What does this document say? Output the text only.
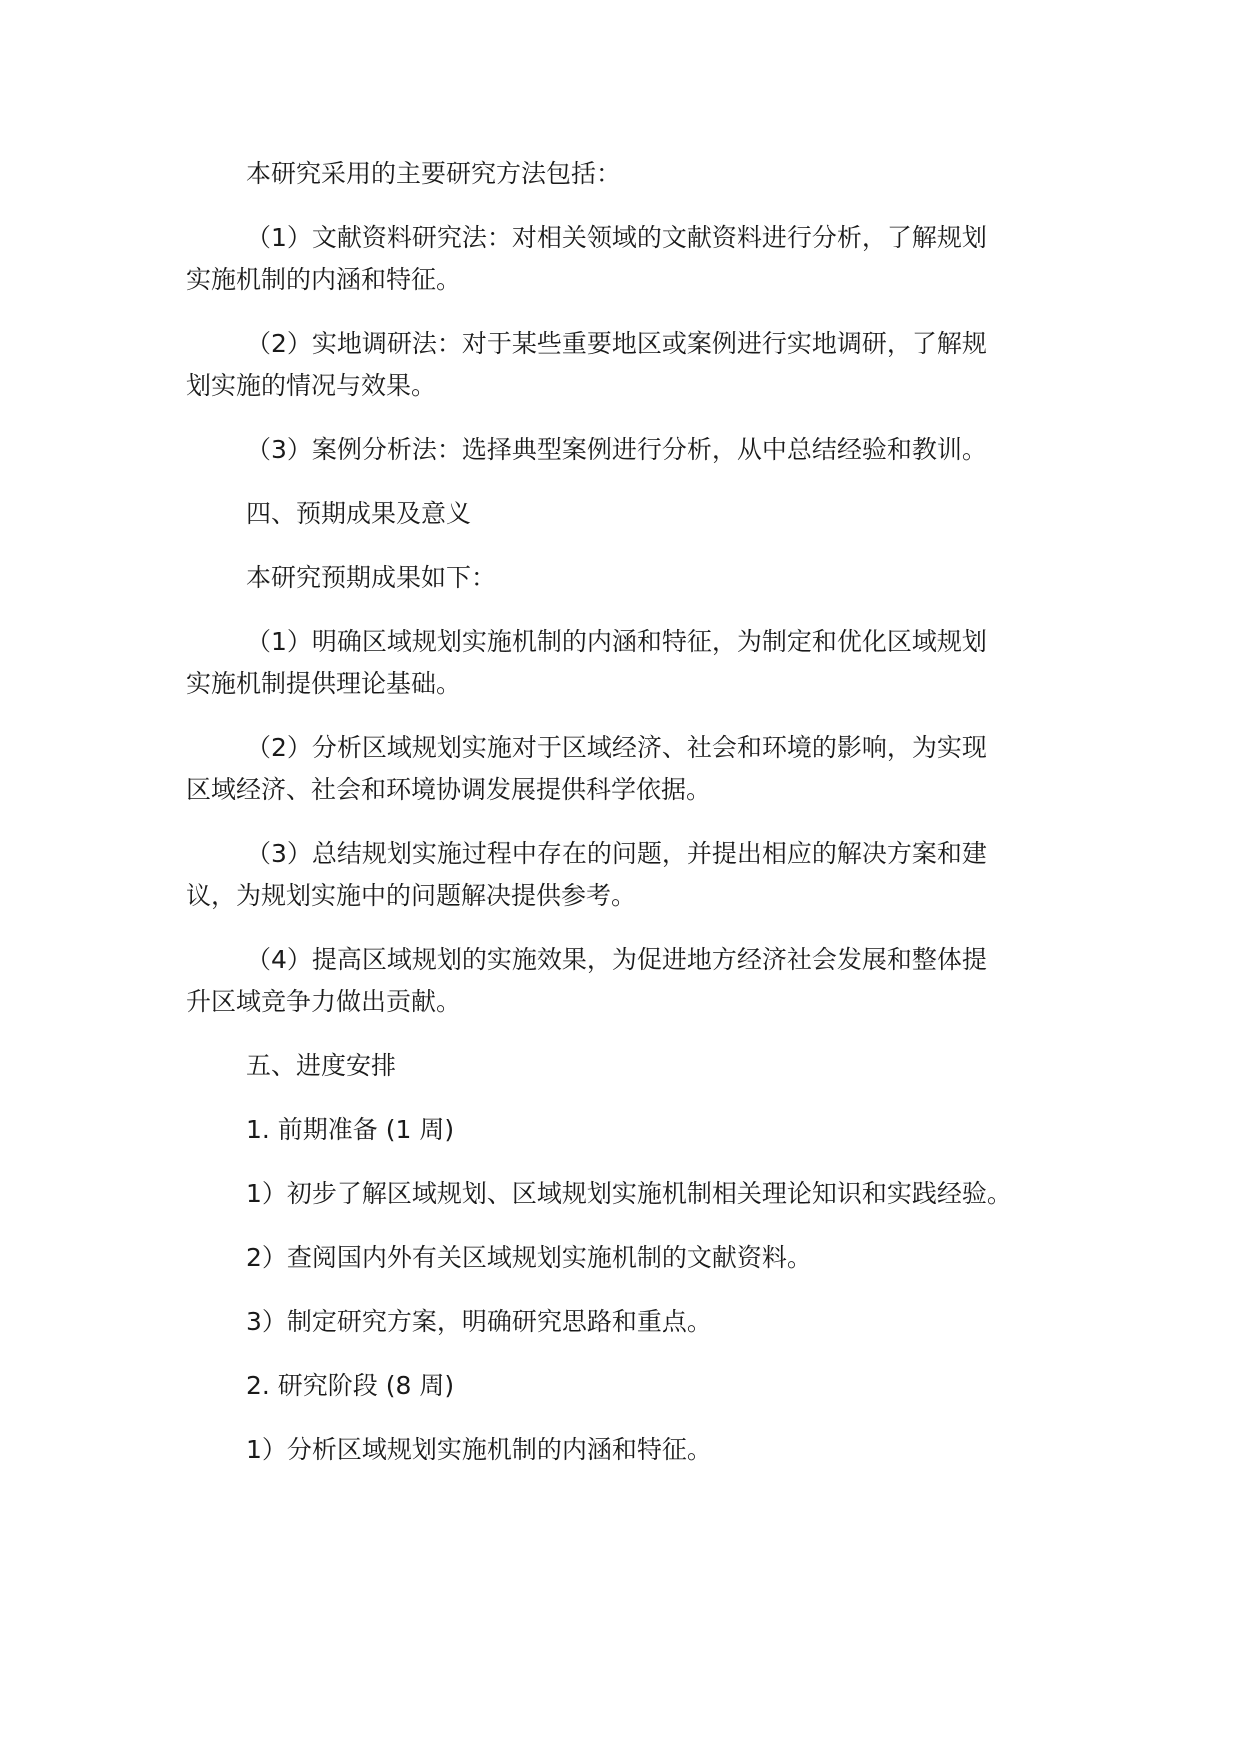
本研究采用的主要研究方法包括：

（1）文献资料研究法：对相关领域的文献资料进行分析，了解规划
实施机制的内涵和特征。

（2）实地调研法：对于某些重要地区或案例进行实地调研，了解规
划实施的情况与效果。

（3）案例分析法：选择典型案例进行分析，从中总结经验和教训。

四、预期成果及意义

本研究预期成果如下：

（1）明确区域规划实施机制的内涵和特征，为制定和优化区域规划
实施机制提供理论基础。

（2）分析区域规划实施对于区域经济、社会和环境的影响，为实现
区域经济、社会和环境协调发展提供科学依据。

（3）总结规划实施过程中存在的问题，并提出相应的解决方案和建
议，为规划实施中的问题解决提供参考。

（4）提高区域规划的实施效果，为促进地方经济社会发展和整体提
升区域竞争力做出贡献。

五、进度安排

1. 前期准备 (1 周)

1）初步了解区域规划、区域规划实施机制相关理论知识和实践经验。

2）查阅国内外有关区域规划实施机制的文献资料。

3）制定研究方案，明确研究思路和重点。

2. 研究阶段 (8 周)

1）分析区域规划实施机制的内涵和特征。
